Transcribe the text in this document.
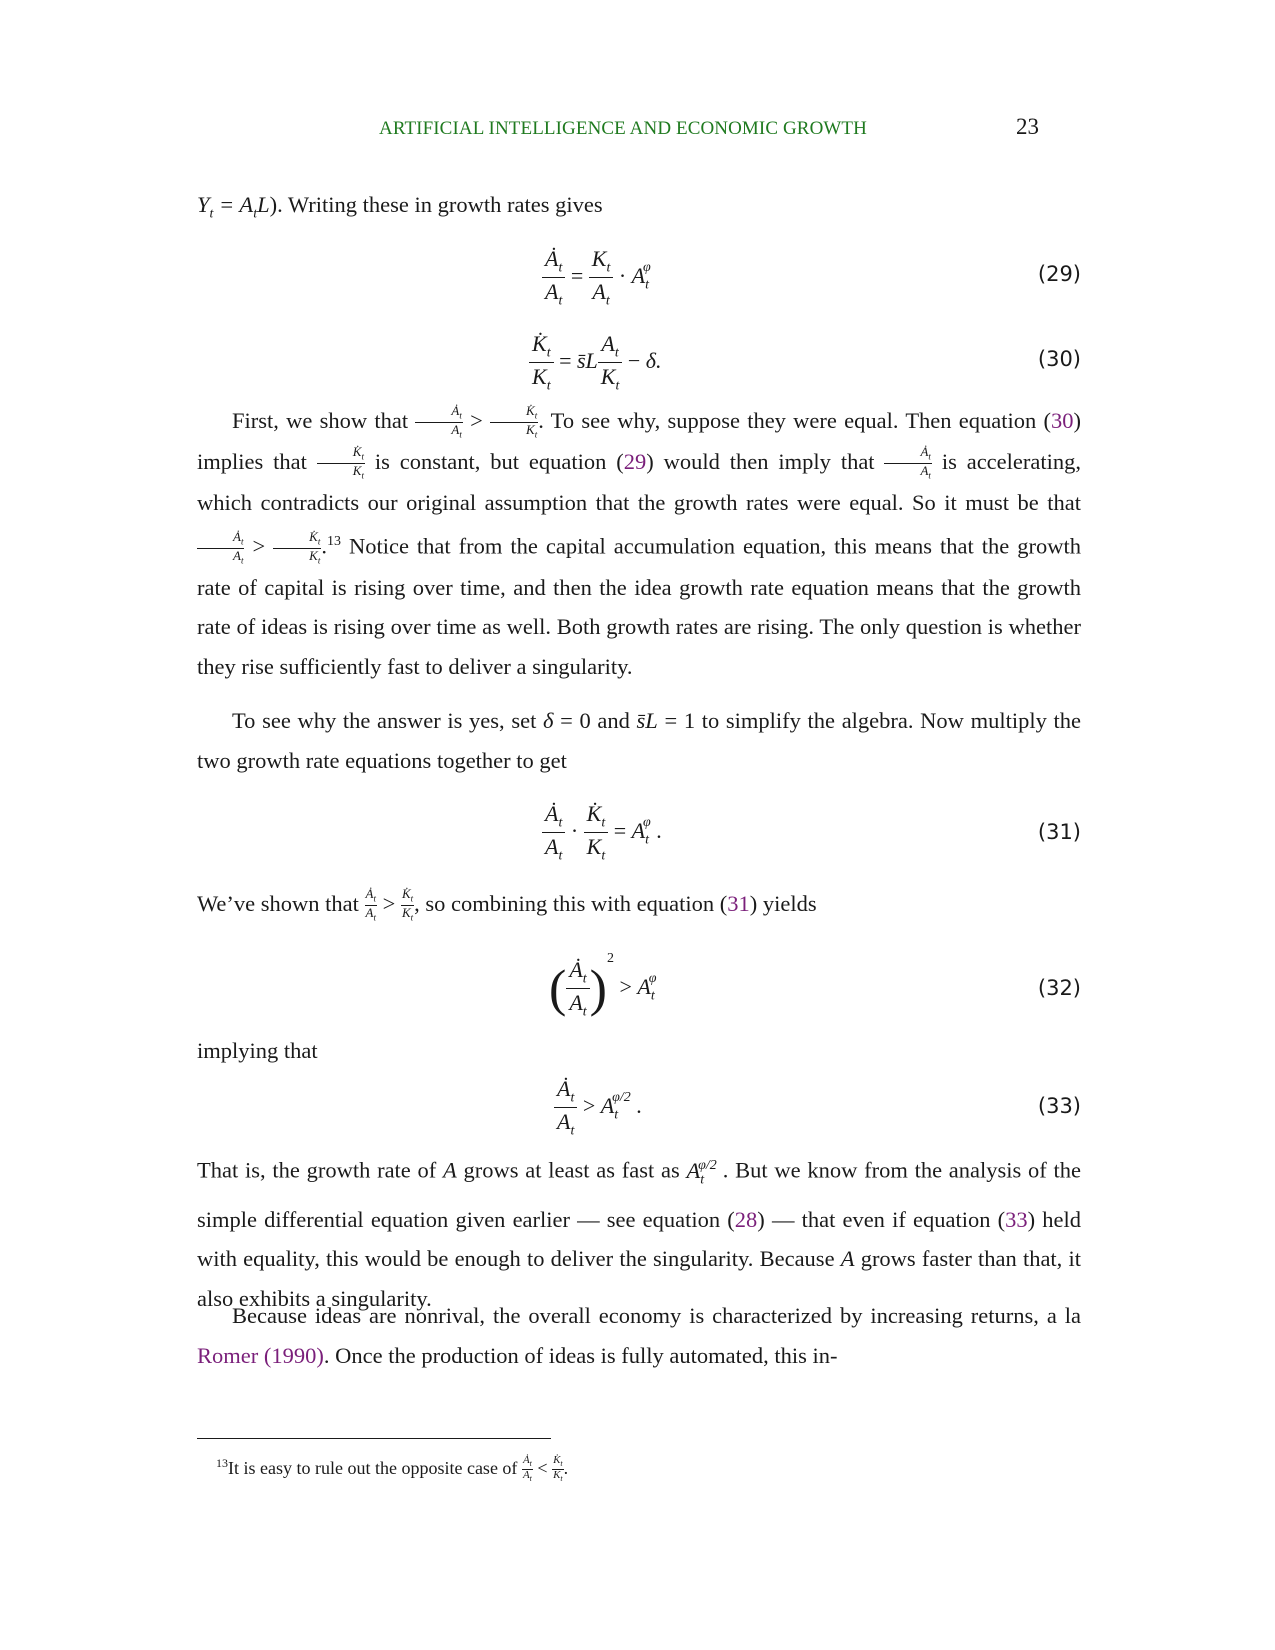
ARTIFICIAL INTELLIGENCE AND ECONOMIC GROWTH	23
$Y_t = A_tL$). Writing these in growth rates gives
$\frac{Ȧ_t}{A_t} = \frac{K_t}{A_t} \cdot A_t^\varphi$	(29)
$\frac{K̇_t}{K_t}$ = s̄L $\frac{A_t}{K_t} - \delta$.	(30)
First, we show that $\frac{Ȧ_t}{A_t} > \frac{K̇_t}{K_t}$ . To see why, suppose they were equal. Then equation (30) implies that $\frac{K̇_t}{K_t}$ is constant, but equation (29) would then imply that $\frac{Ȧ_t}{A_t}$ is accelerating, which contradicts our original assumption that the growth rates were equal. So it must be that
$\frac{Ȧ_t}{A_t} > \frac{K̇_t}{K_t} .^{13}$ Notice that from the capital accumulation equation, this means that the growth rate of capital is rising over time, and then the idea growth rate equation means that the growth rate of ideas is rising over time as well. Both growth rates are rising. The only question is whether they rise sufficiently fast to deliver a singularity.
To see why the answer is yes, set δ = 0 and s̄L = 1 to simplify the algebra. Now multiply the two growth rate equations together to get
$\frac{Ȧ_t}{A_t} \cdot \frac{K̇_t}{K_t} = A_t^\varphi$ .	(31)
We’ve shown that $\frac{Ȧ_t}{A_t} > \frac{K̇_t}{K_t}$ , so combining this with equation (31) yields
( $\frac{Ȧ_t}{A_t} )^2 > A_t^\varphi$	(32)
implying that
$\frac{Ȧ_t}{A_t} > A_t^{\varphi/2}$ .	(33)
That is, the growth rate of A grows at least as fast as $A_t^{\varphi/2}$ . But we know from the analysis of the simple differential equation given earlier — see equation (28) — that even if equation (33) held with equality, this would be enough to deliver the singularity. Because A grows faster than that, it also exhibits a singularity.
Because ideas are nonrival, the overall economy is characterized by increasing returns, a la Romer (1990). Once the production of ideas is fully automated, this in-
$^{13}$It is easy to rule out the opposite case of $\frac{Ȧ_t}{A_t} < \frac{K̇_t}{K_t}$ .
